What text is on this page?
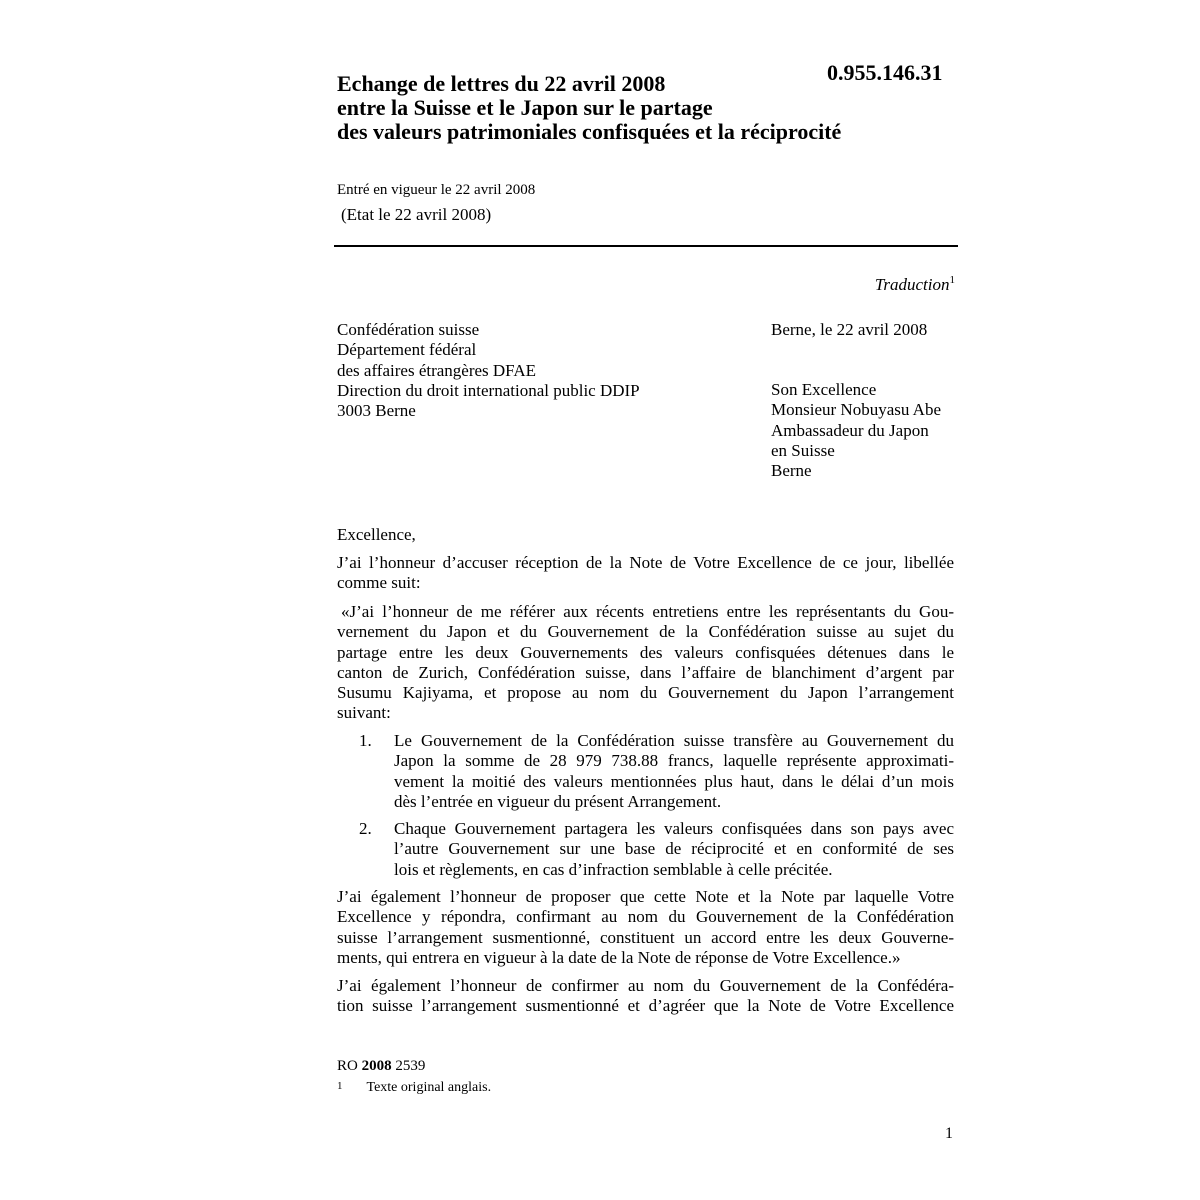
0.955.146.31
Echange de lettres du 22 avril 2008
entre la Suisse et le Japon sur le partage
des valeurs patrimoniales confisquées et la réciprocité
Entré en vigueur le 22 avril 2008
(Etat le 22 avril 2008)
Traduction$^1$
Confédération suisse
Département fédéral
des affaires étrangères DFAE
Direction du droit international public DDIP
3003 Berne
Berne, le 22 avril 2008
Son Excellence
Monsieur Nobuyasu Abe
Ambassadeur du Japon
en Suisse
Berne
Excellence,
J’ai l’honneur d’accuser réception de la Note de Votre Excellence de ce jour, libellée
comme suit:
«J’ai l’honneur de me référer aux récents entretiens entre les représentants du Gou-
vernement du Japon et du Gouvernement de la Confédération suisse au sujet du
partage entre les deux Gouvernements des valeurs confisquées détenues dans le
canton de Zurich, Confédération suisse, dans l’affaire de blanchiment d’argent par
Susumu Kajiyama, et propose au nom du Gouvernement du Japon l’arrangement
suivant:
1. Le Gouvernement de la Confédération suisse transfère au Gouvernement du
Japon la somme de 28 979 738.88 francs, laquelle représente approximati-
vement la moitié des valeurs mentionnées plus haut, dans le délai d’un mois
dès l’entrée en vigueur du présent Arrangement.
2. Chaque Gouvernement partagera les valeurs confisquées dans son pays avec
l’autre Gouvernement sur une base de réciprocité et en conformité de ses
lois et règlements, en cas d’infraction semblable à celle précitée.
J’ai également l’honneur de proposer que cette Note et la Note par laquelle Votre
Excellence y répondra, confirmant au nom du Gouvernement de la Confédération
suisse l’arrangement susmentionné, constituent un accord entre les deux Gouverne-
ments, qui entrera en vigueur à la date de la Note de réponse de Votre Excellence.»
J’ai également l’honneur de confirmer au nom du Gouvernement de la Confédéra-
tion suisse l’arrangement susmentionné et d’agréer que la Note de Votre Excellence
RO 2008 2539
$^1$ Texte original anglais.
1
